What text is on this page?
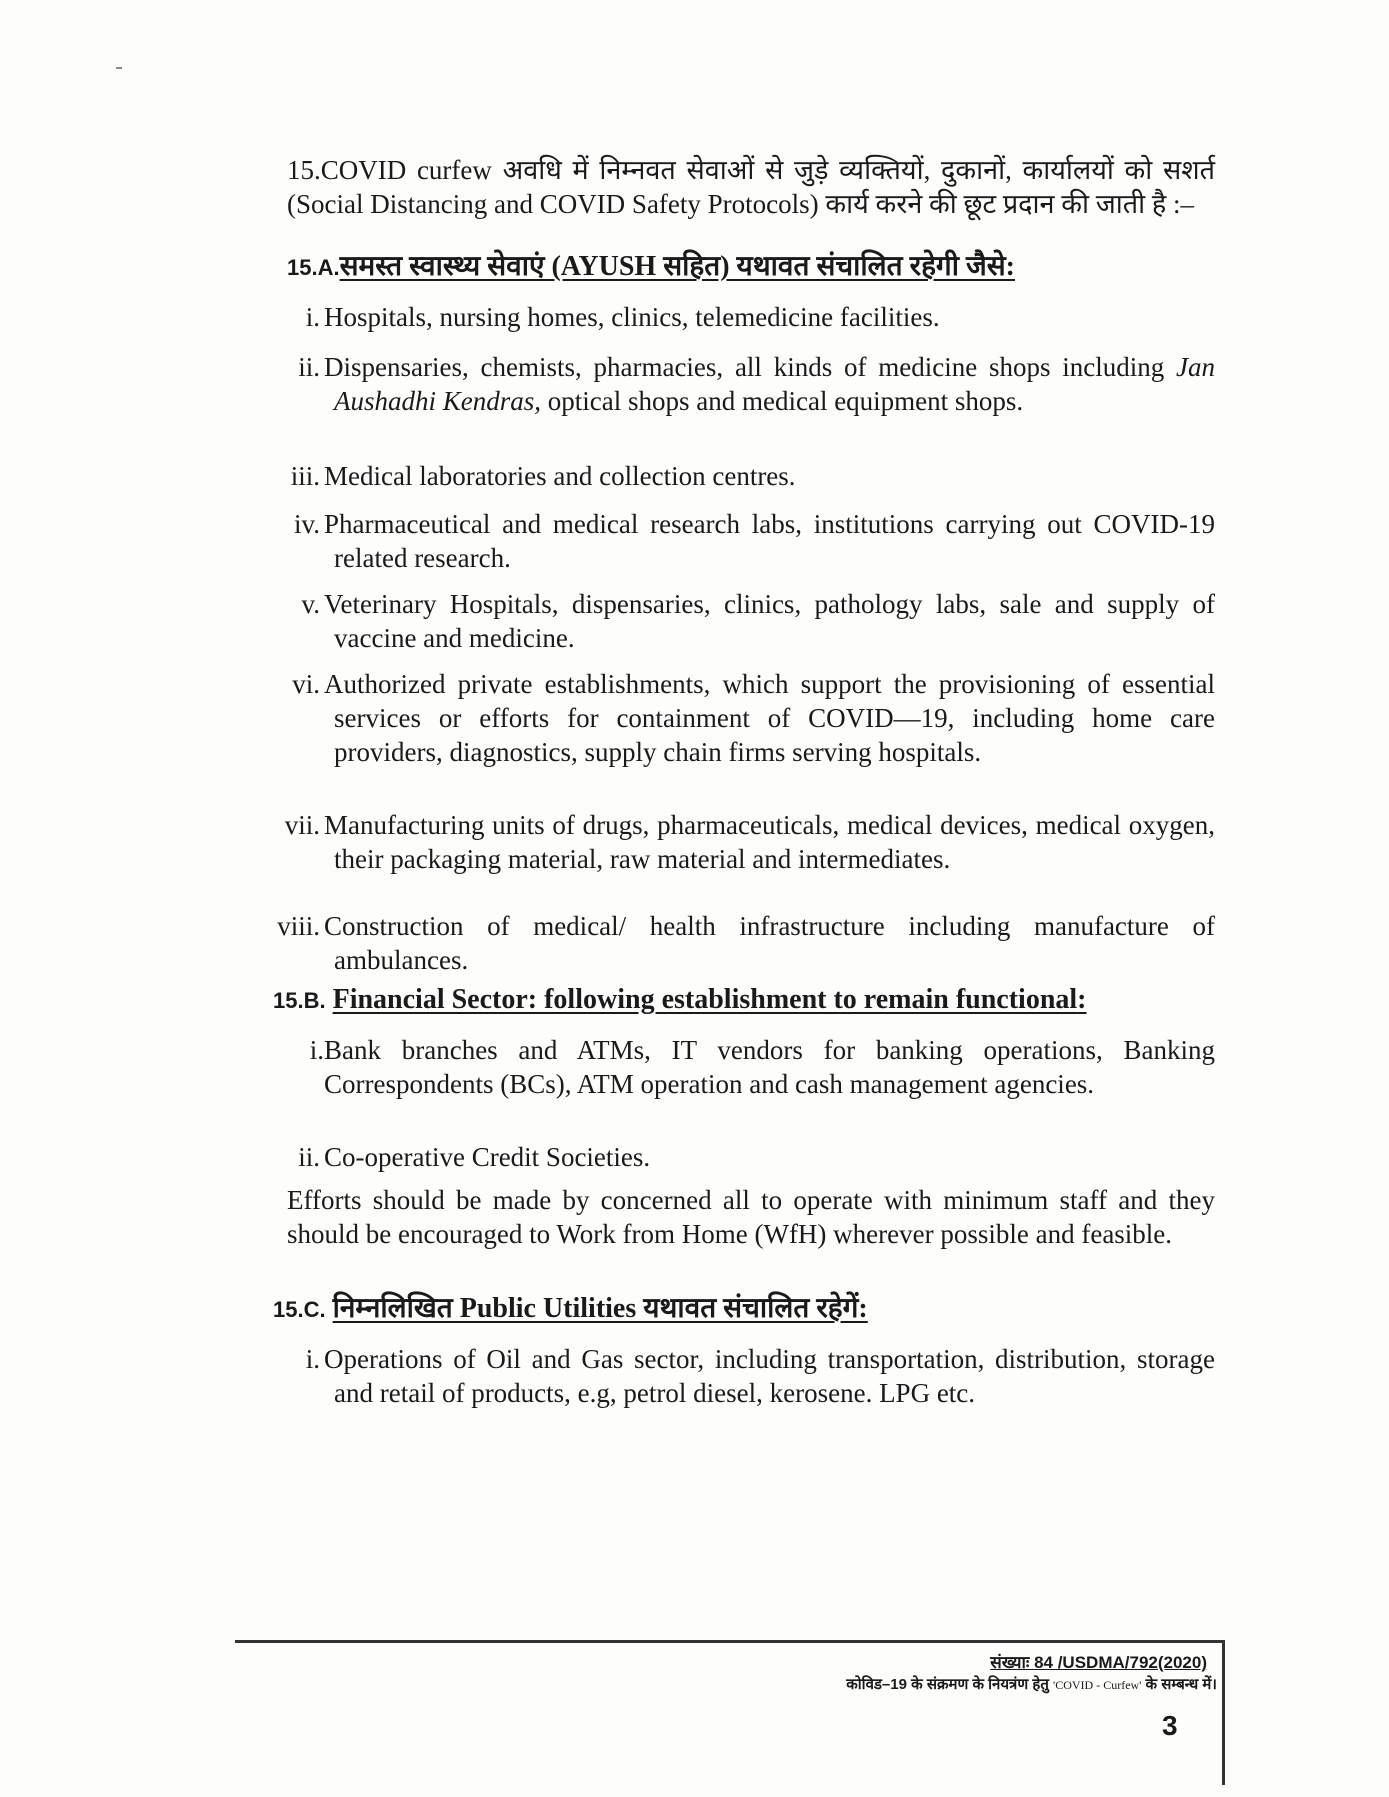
15.COVID curfew अवधि में निम्नवत सेवाओं से जुड़े व्यक्तियों, दुकानों, कार्यालयों को सशर्त (Social Distancing and COVID Safety Protocols) कार्य करने की छूट प्रदान की जाती है :–
15.A.समस्त स्वास्थ्य सेवाएं (AYUSH सहित) यथावत संचालित रहेगी जैसे:
i. Hospitals, nursing homes, clinics, telemedicine facilities.
ii. Dispensaries, chemists, pharmacies, all kinds of medicine shops including Jan Aushadhi Kendras, optical shops and medical equipment shops.
iii. Medical laboratories and collection centres.
iv. Pharmaceutical and medical research labs, institutions carrying out COVID-19 related research.
v. Veterinary Hospitals, dispensaries, clinics, pathology labs, sale and supply of vaccine and medicine.
vi. Authorized private establishments, which support the provisioning of essential services or efforts for containment of COVID—19, including home care providers, diagnostics, supply chain firms serving hospitals.
vii. Manufacturing units of drugs, pharmaceuticals, medical devices, medical oxygen, their packaging material, raw material and intermediates.
viii. Construction of medical/ health infrastructure including manufacture of ambulances.
15.B. Financial Sector: following establishment to remain functional:
i. Bank branches and ATMs, IT vendors for banking operations, Banking Correspondents (BCs), ATM operation and cash management agencies.
ii. Co-operative Credit Societies.
Efforts should be made by concerned all to operate with minimum staff and they should be encouraged to Work from Home (WfH) wherever possible and feasible.
15.C. निम्नलिखित Public Utilities यथावत संचालित रहेगें:
i. Operations of Oil and Gas sector, including transportation, distribution, storage and retail of products, e.g, petrol diesel, kerosene. LPG etc.
संख्याः 84 /USDMA/792(2020)
कोविड–19 के संक्रमण के नियत्रंण हेतु 'COVID - Curfew' के सम्बन्ध में।
3
